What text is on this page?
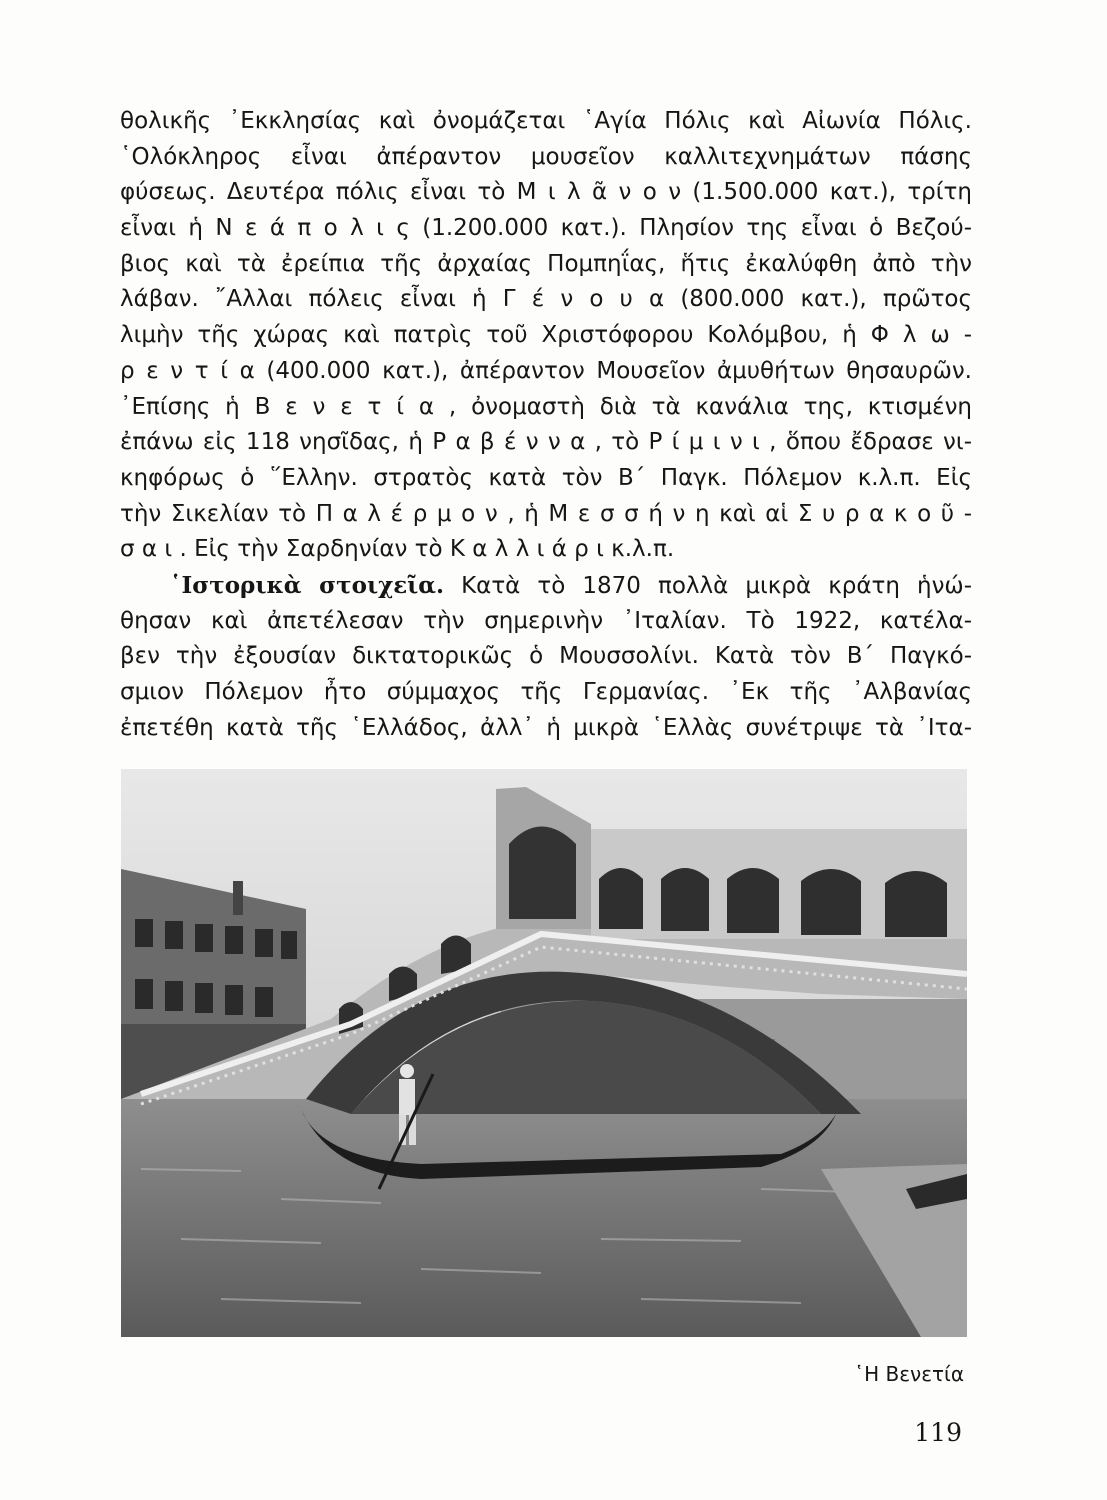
θολικῆς ᾿Εκκλησίας καὶ ὀνομάζεται ῾Αγία Πόλις καὶ Αἰωνία Πόλις.
῾Ολόκληρος εἶναι ἀπέραντον μουσεῖον καλλιτεχνημάτων πάσης
φύσεως. Δευτέρα πόλις εἶναι τὸ Μ ι λ ᾶ ν ο ν (1.500.000 κατ.), τρίτη
εἶναι ἡ Ν ε ά π ο λ ι ς (1.200.000 κατ.). Πλησίον της εἶναι ὁ Βεζού-
βιος καὶ τὰ ἐρείπια τῆς ἀρχαίας Πομπηΐας, ἥτις ἐκαλύφθη ἀπὸ τὴν
λάβαν. ῎Αλλαι πόλεις εἶναι ἡ Γ έ ν ο υ α (800.000 κατ.), πρῶτος
λιμὴν τῆς χώρας καὶ πατρὶς τοῦ Χριστόφορου Κολόμβου, ἡ Φ λ ω -
ρ ε ν τ ί α (400.000 κατ.), ἀπέραντον Μουσεῖον ἀμυθήτων θησαυρῶν.
᾿Επίσης ἡ Β ε ν ε τ ί α , ὀνομαστὴ διὰ τὰ κανάλια της, κτισμένη
ἐπάνω εἰς 118 νησῖδας, ἡ Ρ α β έ ν ν α , τὸ Ρ ί μ ι ν ι , ὅπου ἔδρασε νι-
κηφόρως ὁ ῞Ελλην. στρατὸς κατὰ τὸν Β΄ Παγκ. Πόλεμον κ.λ.π. Εἰς
τὴν Σικελίαν τὸ Π α λ έ ρ μ ο ν , ἡ Μ ε σ σ ή ν η καὶ αἱ Σ υ ρ α κ ο ῦ -
σ α ι . Εἰς τὴν Σαρδηνίαν τὸ Κ α λ λ ι ά ρ ι κ.λ.π.
῾Ιστορικὰ στοιχεῖα. Κατὰ τὸ 1870 πολλὰ μικρὰ κράτη ἡνώ-
θησαν καὶ ἀπετέλεσαν τὴν σημερινὴν ᾿Ιταλίαν. Τὸ 1922, κατέλα-
βεν τὴν ἐξουσίαν δικτατορικῶς ὁ Μουσσολίνι. Κατὰ τὸν Β΄ Παγκό-
σμιον Πόλεμον ἦτο σύμμαχος τῆς Γερμανίας. ᾿Εκ τῆς ᾿Αλβανίας
ἐπετέθη κατὰ τῆς ῾Ελλάδος, ἀλλ᾿ ἡ μικρὰ ῾Ελλὰς συνέτριψε τὰ ᾿Ιτα-
῾Η Βενετία
119
